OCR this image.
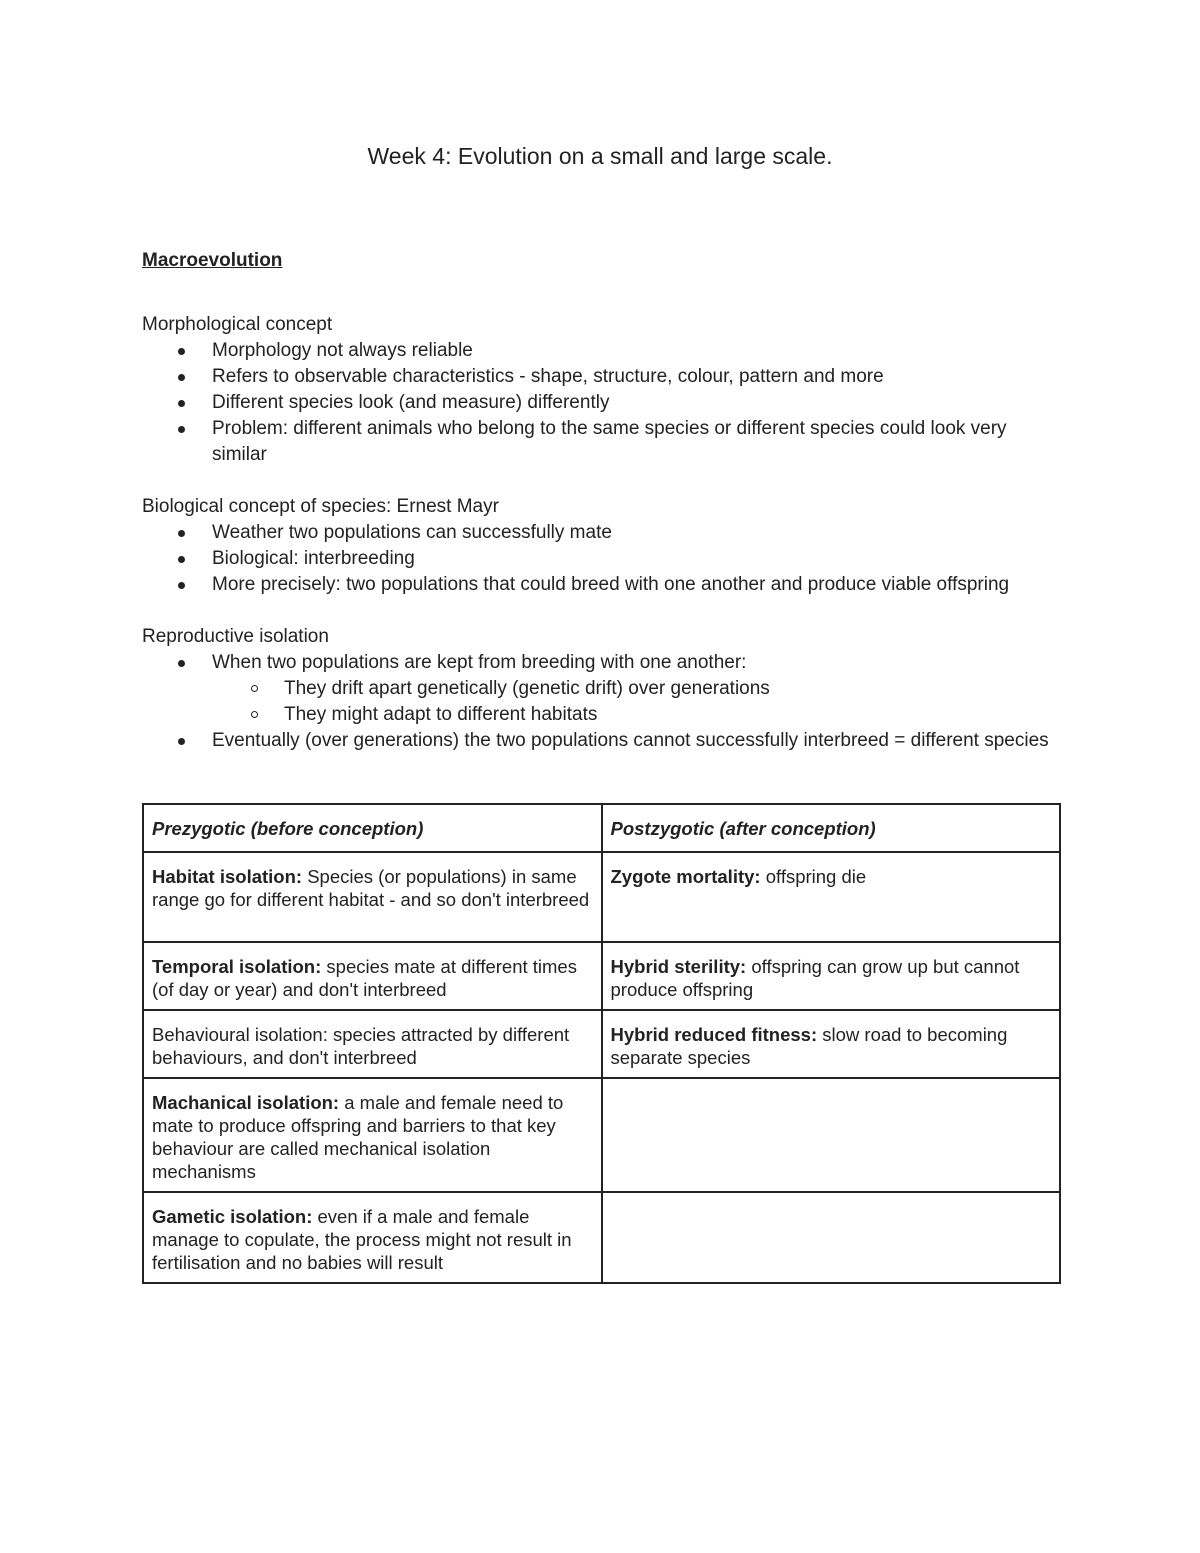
Week 4: Evolution on a small and large scale.
Macroevolution
Morphological concept
Morphology not always reliable
Refers to observable characteristics - shape, structure, colour, pattern and more
Different species look (and measure) differently
Problem: different animals who belong to the same species or different species could look very similar
Biological concept of species: Ernest Mayr
Weather two populations can successfully mate
Biological: interbreeding
More precisely: two populations that could breed with one another and produce viable offspring
Reproductive isolation
When two populations are kept from breeding with one another:
They drift apart genetically (genetic drift) over generations
They might adapt to different habitats
Eventually (over generations) the two populations cannot successfully interbreed = different species
Prezygotic (before conception)	Postzygotic (after conception)
Habitat isolation: Species (or populations) in same range go for different habitat - and so don't interbreed	Zygote mortality: offspring die
Temporal isolation: species mate at different times (of day or year) and don't interbreed	Hybrid sterility: offspring can grow up but cannot produce offspring
Behavioural isolation: species attracted by different behaviours, and don't interbreed	Hybrid reduced fitness: slow road to becoming separate species
Machanical isolation: a male and female need to mate to produce offspring and barriers to that key behaviour are called mechanical isolation mechanisms	
Gametic isolation: even if a male and female manage to copulate, the process might not result in fertilisation and no babies will result	
